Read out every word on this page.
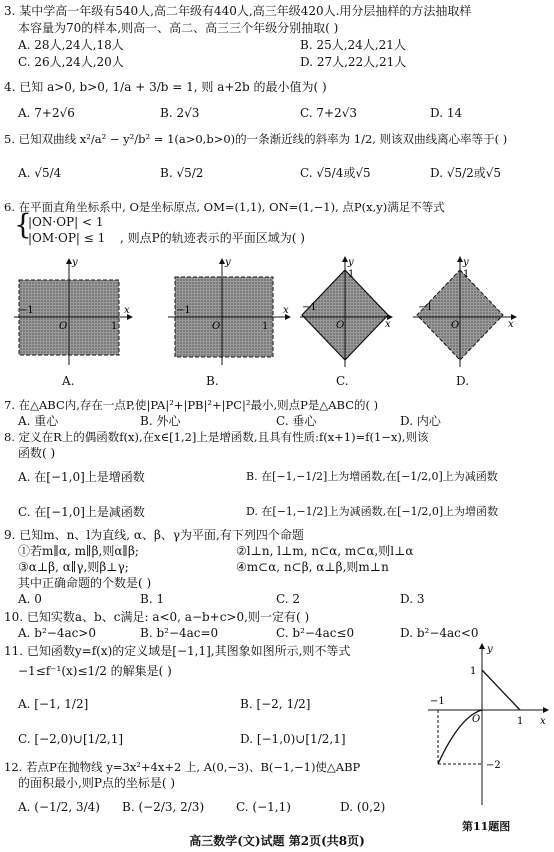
3. 某中学高一年级有540人,高二年级有440人,高三年级420人.用分层抽样的方法抽取样
本容量为70的样本,则高一、高二、高三三个年级分别抽取( )
A. 28人,24人,18人	B. 25人,24人,21人
C. 26人,24人,20人	D. 27人,22人,21人
4. 已知 a>0, b>0, 1/a + 3/b = 1, 则 a+2b 的最小值为( )
A. 7+2√6	B. 2√3	C. 7+2√3	D. 14
5. 已知双曲线 x²/a² − y²/b² = 1(a>0,b>0)的一条渐近线的斜率为 1/2, 则该双曲线离心率等于( )
A. √5/4	B. √5/2	C. √5/4或√5	D. √5/2或√5
6. 在平面直角坐标系中, O是坐标原点, OM=(1,1), ON=(1,−1), 点P(x,y)满足不等式
{
|ON·OP| < 1
|OM·OP| ≤ 1 , 则点P的轨迹表示的平面区域为( )
x
y
O	1
−1	x
y
O	1
−1
x
y
O
1
−1
x
y
O
1
−1
A.	B.	C.	D.
7. 在△ABC内,存在一点P,使|PA|²+|PB|²+|PC|²最小,则点P是△ABC的( )
A. 重心	B. 外心	C. 垂心	D. 内心
8. 定义在R上的偶函数f(x),在x∈[1,2]上是增函数,且具有性质:f(x+1)=f(1−x),则该
函数( )
A. 在[−1,0]上是增函数	B. 在[−1,−1/2]上为增函数,在[−1/2,0]上为减函数
C. 在[−1,0]上是减函数	D. 在[−1,−1/2]上为减函数,在[−1/2,0]上为增函数
9. 已知m、n、l为直线, α、β、γ为平面,有下列四个命题
①若m∥α, m∥β,则α∥β;	②l⊥n, l⊥m, n⊂α, m⊂α,则l⊥α
③α⊥β, α∥γ,则β⊥γ;	④m⊂α, n⊂β, α⊥β,则m⊥n
其中正确命题的个数是( )
A. 0	B. 1	C. 2	D. 3
10. 已知实数a、b、c满足: a<0, a−b+c>0,则一定有( )
A. b²−4ac>0	B. b²−4ac=0	C. b²−4ac≤0	D. b²−4ac<0
11. 已知函数y=f(x)的定义域是[−1,1],其图象如图所示,则不等式
−1≤f⁻¹(x)≤1/2 的解集是( )
A. [−1, 1/2]	B. [−2, 1/2]
C. [−2,0)∪[1/2,1]	D. [−1,0)∪[1/2,1]
y
x
O
1
1
−1
−2
第11题图
12. 若点P在抛物线 y=3x²+4x+2 上, A(0,−3)、B(−1,−1)使△ABP
的面积最小,则P点的坐标是( )
A. (−1/2, 3/4) B. (−2/3, 2/3)	C. (−1,1)	D. (0,2)
高三数学(文)试题 第2页(共8页)
